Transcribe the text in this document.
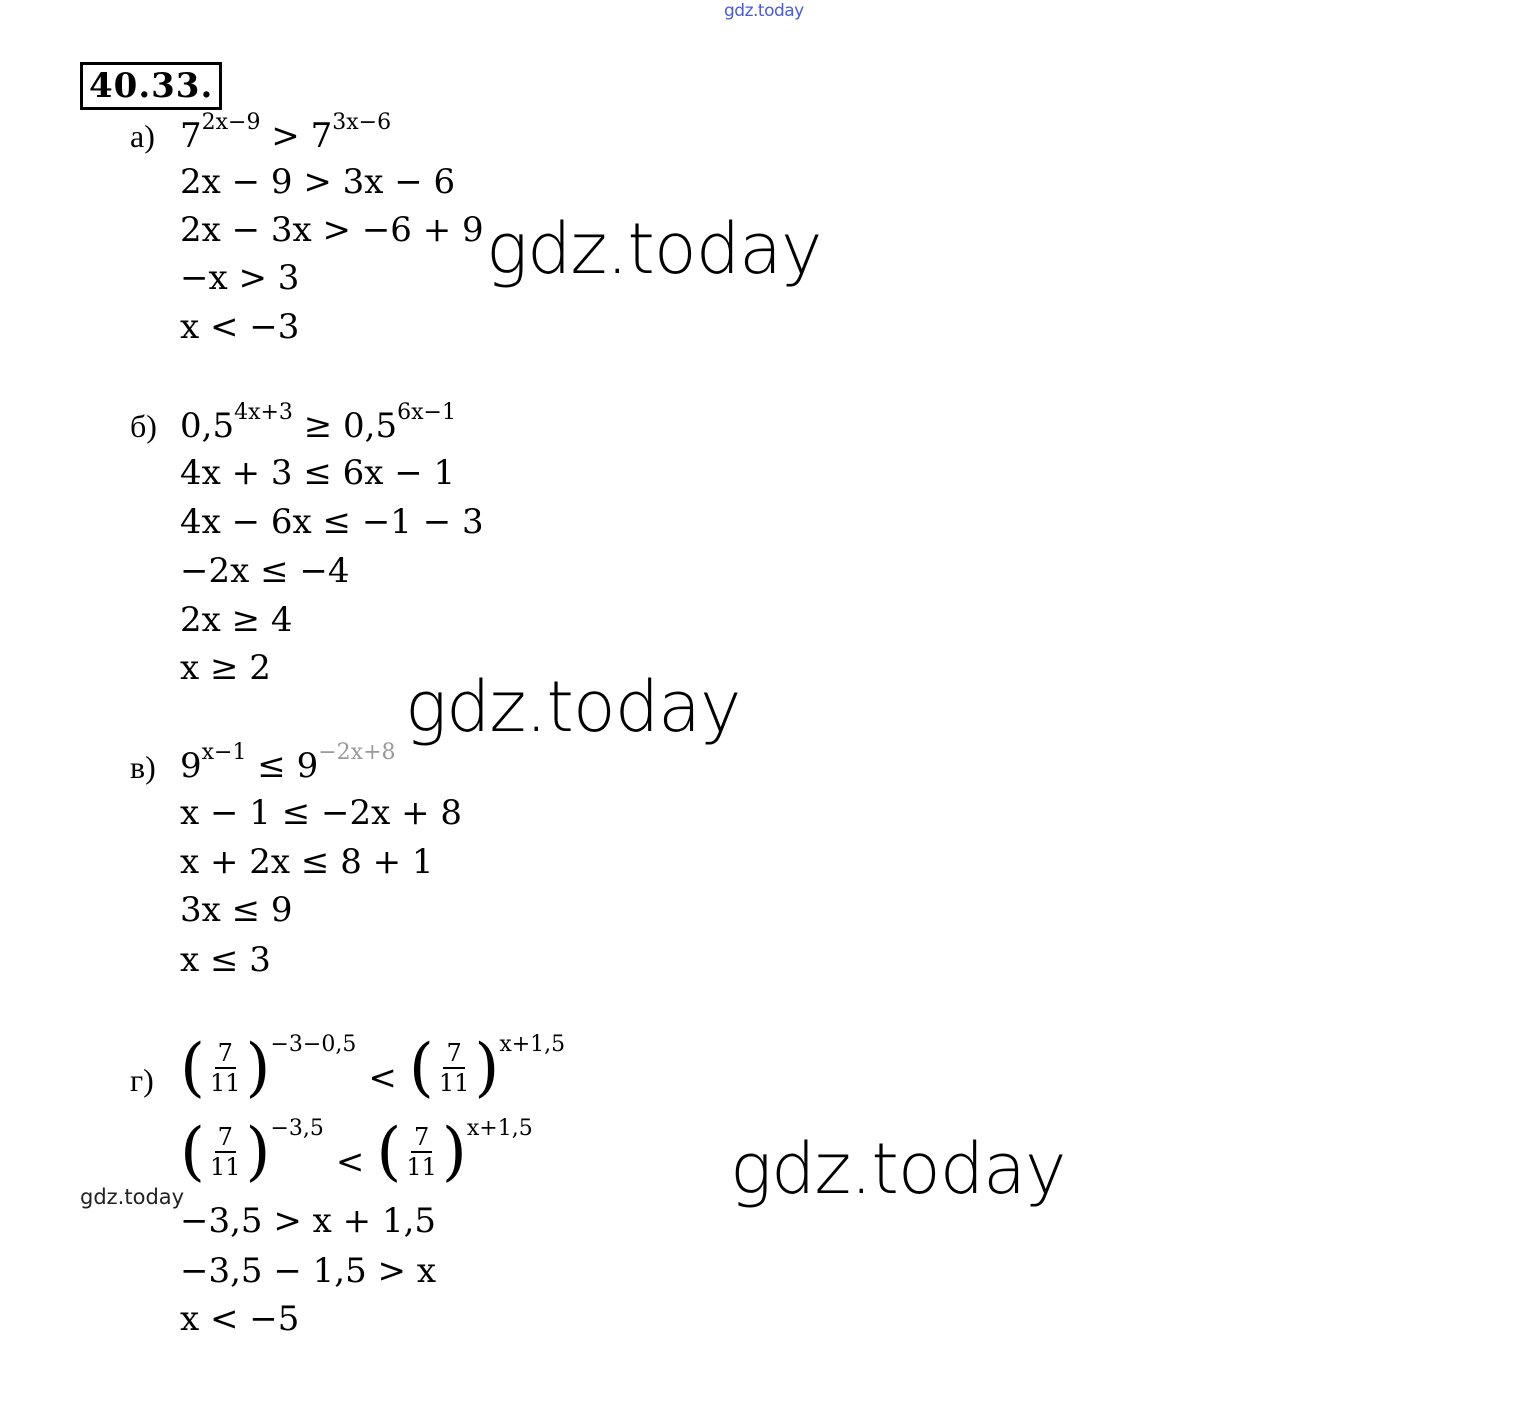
gdz.today
40.33.
а) $7^{2x-9} > 7^{3x-6}$
2x − 9 > 3x − 6
2x − 3x > −6 + 9
−x > 3
x < −3
б) $0,5^{4x+3} \ge 0,5^{6x-1}$
4x + 3 ≤ 6x − 1
4x − 6x ≤ −1 − 3
−2x ≤ −4
2x ≥ 4
x ≥ 2 gdz.today
в) $9^{x-1} \le 9^{-2x+8}$
x − 1 ≤ −2x + 8
x + 2x ≤ 8 + 1
3x ≤ 9
x ≤ 3
г) ( $\frac{7}{11}$ ) $^{-3-0,5}$< ( $\frac{7}{11}$ ) $^{x+1,5}$
( $\frac{7}{11}$ ) $^{-3,5}$< ( $\frac{7}{11}$ ) $^{x+1,5}$
−3,5 > x + 1,5
−3,5 − 1,5 > x
x < −5
gdz.today
gdz.today
gdz.today
